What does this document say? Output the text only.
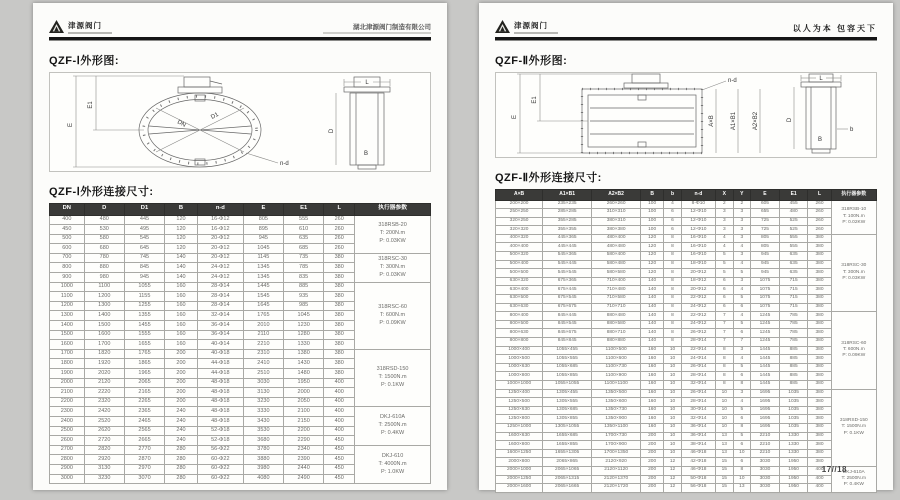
津源阀门	湖北津源阀门制造有限公司
QZF-Ⅰ外形图:
E
E1
DN
D1
n-d
L
D
B
QZF-Ⅰ外形连接尺寸:
DN	D	D1	B	n-d	E	E1	L	执行器参数
400	480	445	120	16-Φ12	805	555	260	318RSB-20
T: 200N.m
P: 0.03KW

450	530	495	120	16-Φ12	895	610	260	
500	580	545	120	20-Φ12	945	635	260	
600	680	645	120	20-Φ12	1045	685	260	
700	780	745	140	20-Φ12	1145	735	380	318RSC-30
T: 300N.m
P: 0.03KW

800	880	845	140	24-Φ12	1345	785	380	
900	980	945	140	24-Φ12	1345	835	380	
1000	1100	1055	160	28-Φ14	1445	885	380	318RSC-60
T: 600N.m
P: 0.09KW

1100	1200	1155	160	28-Φ14	1545	935	380	
1200	1300	1255	160	28-Φ14	1645	985	380	
1300	1400	1355	160	32-Φ14	1765	1045	380	
1400	1500	1455	160	36-Φ14	2010	1230	380	
1500	1600	1555	160	36-Φ14	2110	1280	380	
1600	1700	1655	160	40-Φ14	2210	1330	380	
1700	1820	1765	200	40-Φ18	2310	1380	380	318RSD-150
T: 1500N.m
P: 0.1KW

1800	1920	1865	200	44-Φ18	2410	1430	380	
1900	2020	1965	200	44-Φ18	2510	1480	380	
2000	2120	2065	200	48-Φ18	3030	1950	400	
2100	2220	2165	200	48-Φ18	3130	2000	400	
2200	2320	2265	200	48-Φ18	3230	2050	400	
2300	2420	2365	240	48-Φ18	3330	2100	400	DKJ-610A
T: 2500N.m
P: 0.4KW

2400	2520	2465	240	48-Φ18	3430	2150	400	
2500	2620	2565	240	52-Φ18	3530	2200	400	
2600	2720	2665	240	52-Φ18	3680	2290	450	
2700	2820	2770	280	56-Φ22	3780	2340	450	DKJ-610
T: 4000N.m
P: 1.0KW

2800	2920	2870	280	60-Φ22	3880	2390	450	
2900	3130	2970	280	60-Φ22	3980	2440	450	
3000	3230	3070	280	60-Φ22	4080	2490	450	
津源阀门	以人为本 包容天下
QZF-Ⅱ外形图:
E
E1
n-d
A×B	A1×B1	A2×B2
L
D
b
B
QZF-Ⅱ外形连接尺寸:
A×B	A1×B1	A2×B2	B	b	n-d	X	Y	E	E1	L	执行器参数
200×200	235×235	260×260	100	4	8-Φ10	2	2	605	455	260	318RSB-10
T: 100N.m
P: 0.02KW

250×250	285×285	310×310	100	6	12-Φ10	3	3	655	480	260	
320×250	355×285	380×310	100	6	12-Φ10	3	3	725	525	260	
320×320	355×355	380×380	100	6	12-Φ10	3	3	725	525	260	
400×320	445×365	480×400	120	8	16-Φ10	4	3	805	555	380	318RSC-30
T: 300N.m
P: 0.03KW

400×400	445×445	480×480	120	8	16-Φ10	4	4	805	555	380	
500×320	545×365	580×400	120	8	16-Φ10	5	3	945	635	380	
500×400	545×445	580×480	120	8	18-Φ10	5	4	945	635	380	
500×500	545×545	580×580	120	8	20-Φ12	5	5	945	635	380	
630×320	675×365	710×400	140	8	18-Φ12	6	3	1075	715	380	
630×400	675×445	710×480	140	8	20-Φ12	6	4	1075	715	380	
630×500	675×545	710×580	140	8	22-Φ12	6	5	1075	715	380	
630×630	675×675	710×710	140	8	24-Φ12	6	6	1075	715	380	
800×400	845×445	880×480	140	8	22-Φ12	7	4	1245	785	380	318RSC-60
T: 600N.m
P: 0.09KW

800×500	845×545	880×580	140	8	24-Φ12	7	5	1245	785	380	
800×630	845×675	880×710	140	8	26-Φ12	7	6	1245	785	380	
800×800	845×845	880×880	140	8	28-Φ14	7	7	1245	785	380	
1000×400	1055×455	1100×500	160	10	22-Φ14	8	3	1445	885	380	
1000×500	1055×555	1100×600	160	10	24-Φ14	8	4	1445	885	380	
1000×630	1055×685	1100×730	160	10	26-Φ14	8	5	1445	885	380	
1000×800	1055×855	1100×900	160	10	28-Φ14	8	6	1445	885	380	
1000×1000	1055×1055	1100×1100	160	10	32-Φ14	8	8	1445	885	380	
1250×400	1305×455	1350×500	160	10	26-Φ14	10	3	1695	1035	380	318RSD-150
T: 1500N.m
P: 0.1KW

1250×500	1305×555	1350×600	160	10	28-Φ14	10	4	1695	1035	380	
1250×630	1305×685	1350×730	160	10	30-Φ14	10	5	1695	1035	380	
1250×800	1305×855	1350×900	160	10	32-Φ14	10	6	1695	1035	380	
1250×1000	1305×1055	1350×1100	160	10	36-Φ14	10	8	1695	1035	380	
1600×630	1655×685	1700×730	200	10	36-Φ14	13	5	2210	1330	380	
1600×800	1655×855	1700×900	200	10	38-Φ14	13	6	2210	1330	380	
1600×1250	1655×1305	1700×1350	200	10	46-Φ18	13	10	2210	1330	380	
2000×800	2065×865	2120×920	200	12	42-Φ18	15	6	3030	1950	380	
2000×1000	2065×1065	2120×1120	200	12	46-Φ18	15	8	3030	1950	400	DKJ-610A
T: 2500N.m
P: 0.4KW

2000×1250	2065×1315	2120×1370	200	12	50-Φ18	15	10	3030	1950	400	
2000×1600	2065×1665	2120×1720	200	12	56-Φ18	15	13	3030	1950	400	
17//18
